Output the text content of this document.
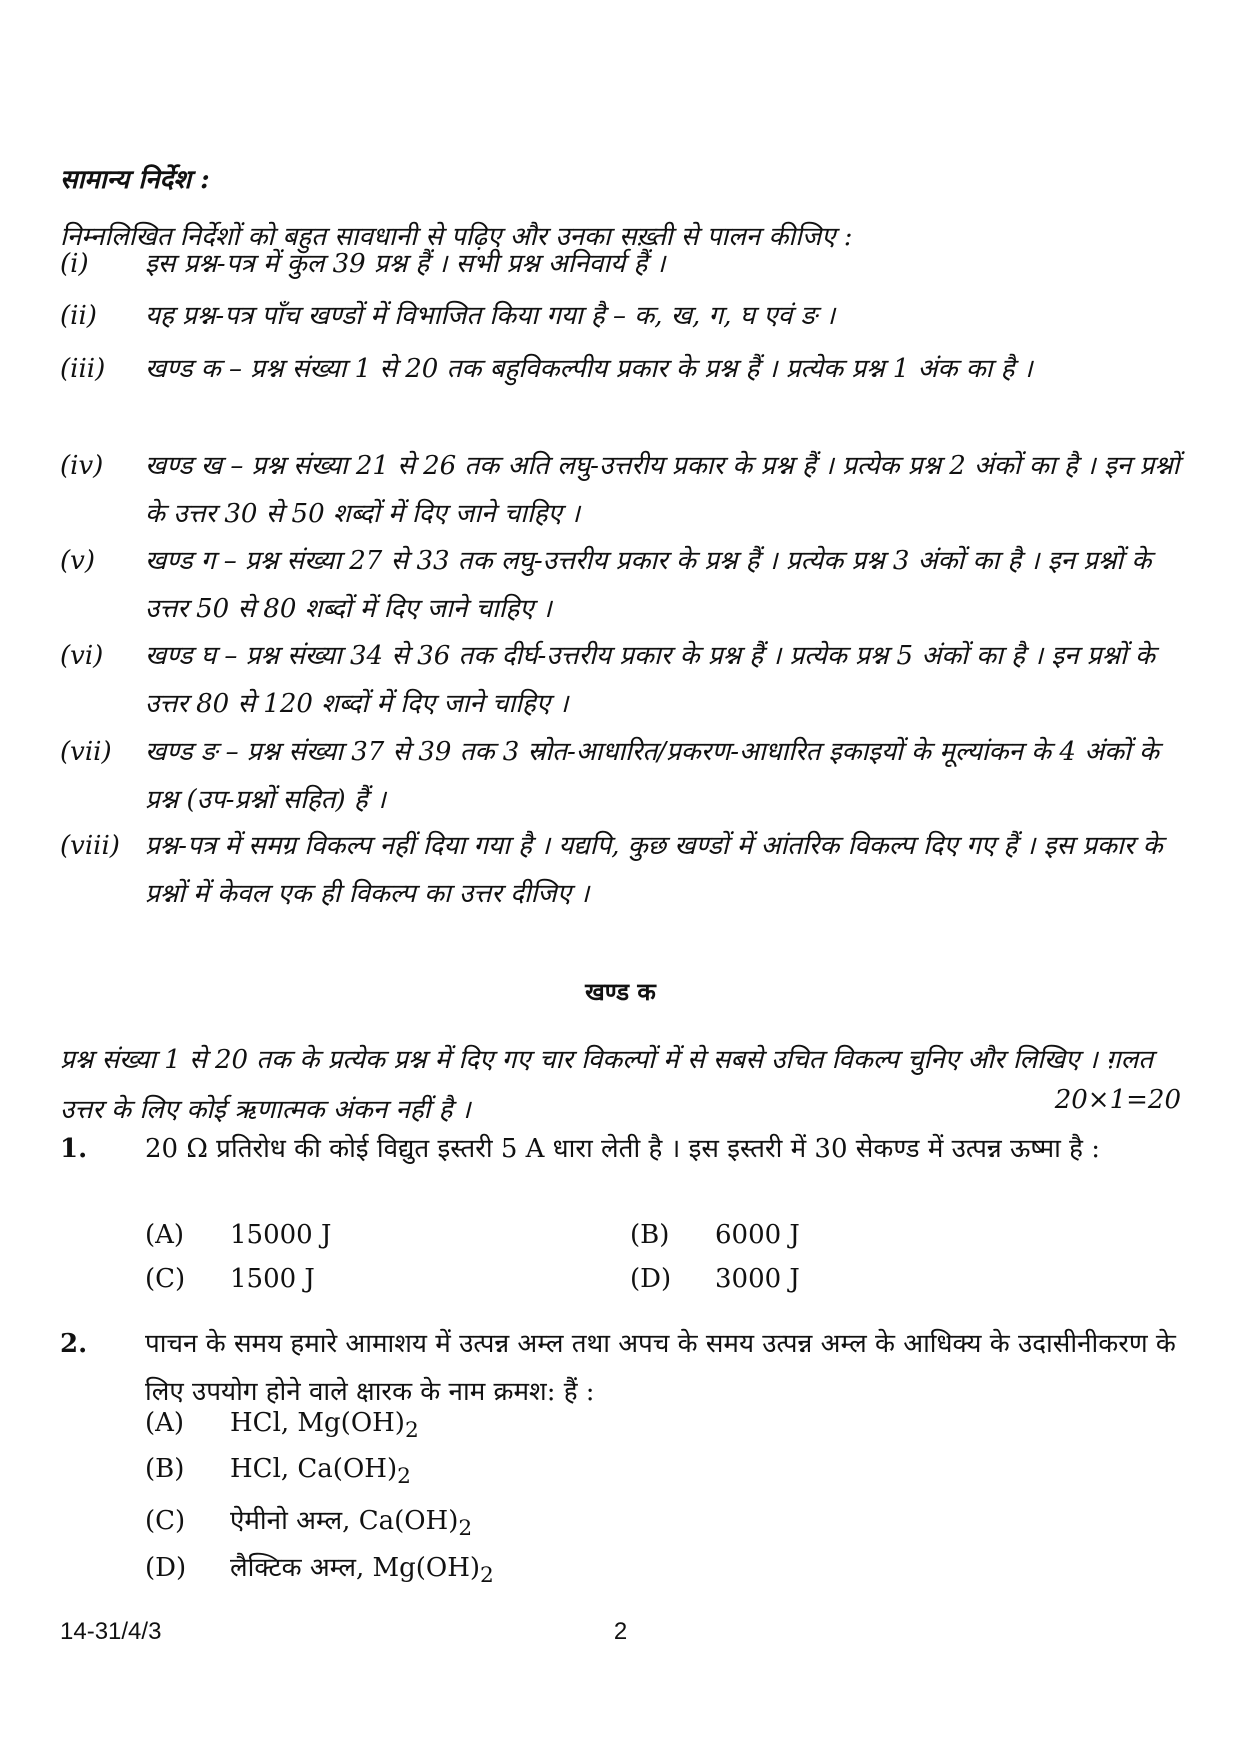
सामान्य निर्देश :
निम्नलिखित निर्देशों को बहुत सावधानी से पढ़िए और उनका सख़्ती से पालन कीजिए :
(i)	इस प्रश्न-पत्र में कुल 39 प्रश्न हैं । सभी प्रश्न अनिवार्य हैं ।
(ii)	यह प्रश्न-पत्र पाँच खण्डों में विभाजित किया गया है – क, ख, ग, घ एवं ङ ।
(iii)	खण्ड क – प्रश्न संख्या 1 से 20 तक बहुविकल्पीय प्रकार के प्रश्न हैं । प्रत्येक प्रश्न 1 अंक का है ।
(iv)	खण्ड ख – प्रश्न संख्या 21 से 26 तक अति लघु-उत्तरीय प्रकार के प्रश्न हैं । प्रत्येक प्रश्न 2 अंकों का है । इन प्रश्नों के उत्तर 30 से 50 शब्दों में दिए जाने चाहिए ।
(v)	खण्ड ग – प्रश्न संख्या 27 से 33 तक लघु-उत्तरीय प्रकार के प्रश्न हैं । प्रत्येक प्रश्न 3 अंकों का है । इन प्रश्नों के उत्तर 50 से 80 शब्दों में दिए जाने चाहिए ।
(vi)	खण्ड घ – प्रश्न संख्या 34 से 36 तक दीर्घ-उत्तरीय प्रकार के प्रश्न हैं । प्रत्येक प्रश्न 5 अंकों का है । इन प्रश्नों के उत्तर 80 से 120 शब्दों में दिए जाने चाहिए ।
(vii)	खण्ड ङ – प्रश्न संख्या 37 से 39 तक 3 स्रोत-आधारित/प्रकरण-आधारित इकाइयों के मूल्यांकन के 4 अंकों के प्रश्न (उप-प्रश्नों सहित) हैं ।
(viii) प्रश्न-पत्र में समग्र विकल्प नहीं दिया गया है । यद्यपि, कुछ खण्डों में आंतरिक विकल्प दिए गए हैं । इस प्रकार के प्रश्नों में केवल एक ही विकल्प का उत्तर दीजिए ।
खण्ड क
प्रश्न संख्या 1 से 20 तक के प्रत्येक प्रश्न में दिए गए चार विकल्पों में से सबसे उचित विकल्प चुनिए और लिखिए । ग़लत उत्तर के लिए कोई ऋणात्मक अंकन नहीं है ।	20×1=20
1. 20 Ω प्रतिरोध की कोई विद्युत इस्तरी 5 A धारा लेती है । इस इस्तरी में 30 सेकण्ड में उत्पन्न ऊष्मा है :
(A) 15000 J	(B) 6000 J
(C) 1500 J	(D) 3000 J
2. पाचन के समय हमारे आमाशय में उत्पन्न अम्ल तथा अपच के समय उत्पन्न अम्ल के आधिक्य के उदासीनीकरण के लिए उपयोग होने वाले क्षारक के नाम क्रमश: हैं :
(A) HCl, $Mg(OH)_2$
(B) HCl, $Ca(OH)_2$
(C) ऐमीनो अम्ल, $Ca(OH)_2$
(D) लैक्टिक अम्ल, $Mg(OH)_2$
14-31/4/3	2
